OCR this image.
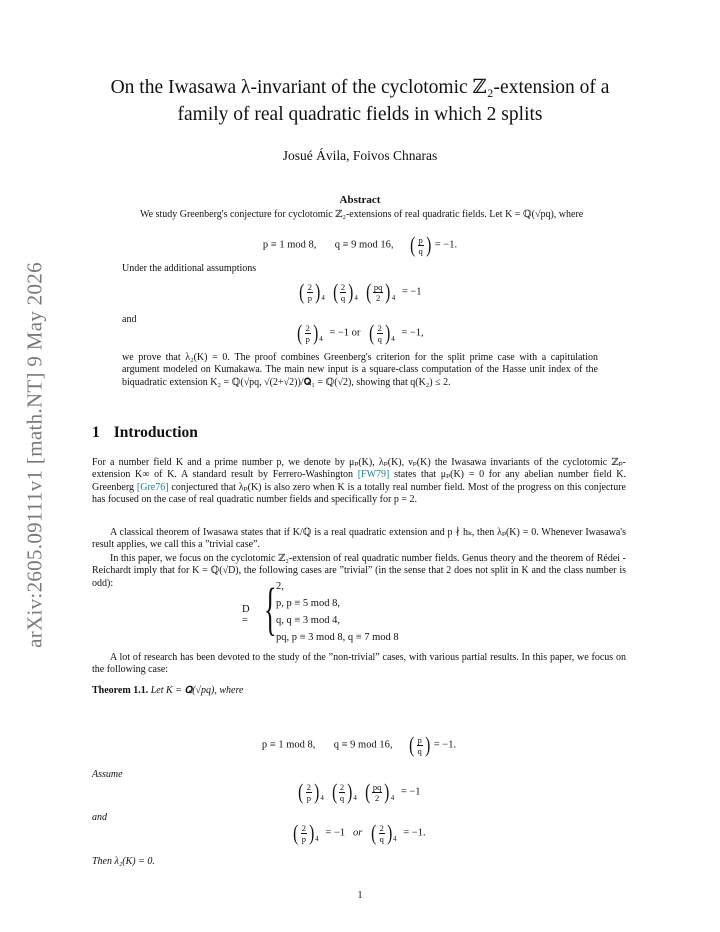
arXiv:2605.09111v1 [math.NT] 9 May 2026
On the Iwasawa λ-invariant of the cyclotomic ℤ₂-extension of a
family of real quadratic fields in which 2 splits
Josué Ávila, Foivos Chnaras
Abstract
We study Greenberg's conjecture for cyclotomic ℤ₂-extensions of real quadratic fields. Let K = ℚ(√pq), where
p ≡ 1 mod 8, q ≡ 9 mod 16, ( $\frac{p}{q}$ ) = −1.
Under the additional assumptions
( $\frac{2}{p} )_4$ ( $\frac{2}{q} )_4$ ( $\frac{pq}{2} )_4 = -1$
and
( $\frac{2}{p} )_4 = -1$ or ( $\frac{2}{q} )_4 = -1$,
we prove that λ₂(K) = 0. The proof combines Greenberg's criterion for the split prime case with a capitulation argument modeled on Kumakawa. The main new input is a square-class computation of the Hasse unit index of the biquadratic extension K₂ = ℚ(√pq, √(2+√2))/𝐐₁ = ℚ(√2), showing that q(K₂) ≤ 2.
1 Introduction
For a number field K and a prime number p, we denote by μₚ(K), λₚ(K), νₚ(K) the Iwasawa invariants of the cyclotomic ℤₚ-extension K∞ of K. A standard result by Ferrero-Washington [FW79] states that μₚ(K) = 0 for any abelian number field K. Greenberg [Gre76] conjectured that λₚ(K) is also zero when K is a totally real number field. Most of the progress on this conjecture has focused on the case of real quadratic number fields and specifically for p = 2.
A classical theorem of Iwasawa states that if K/ℚ is a real quadratic extension and p ∤ hₖ, then λₚ(K) = 0. Whenever Iwasawa's result applies, we call this a ”trivial case”.
In this paper, we focus on the cyclotomic ℤ₂-extension of real quadratic number fields. Genus theory and the theorem of Rédei - Reichardt imply that for K = ℚ(√D), the following cases are ”trivial” (in the sense that 2 does not split in K and the class number is odd):
D = { 2,
p, p ≡ 5 mod 8,
q, q ≡ 3 mod 4,
pq, p ≡ 3 mod 8, q ≡ 7 mod 8
A lot of research has been devoted to the study of the ”non-trivial” cases, with various partial results. In this paper, we focus on the following case:
Theorem 1.1. Let K = 𝐐(√pq), where
p ≡ 1 mod 8, q ≡ 9 mod 16, ( $\frac{p}{q}$ ) = −1.
Assume
( $\frac{2}{p} )_4$ ( $\frac{2}{q} )_4$ ( $\frac{pq}{2} )_4 = -1$
and
( $\frac{2}{p} )_4 = -1$ or ( $\frac{2}{q} )_4 = -1$.
Then λ₂(K) = 0.
1
